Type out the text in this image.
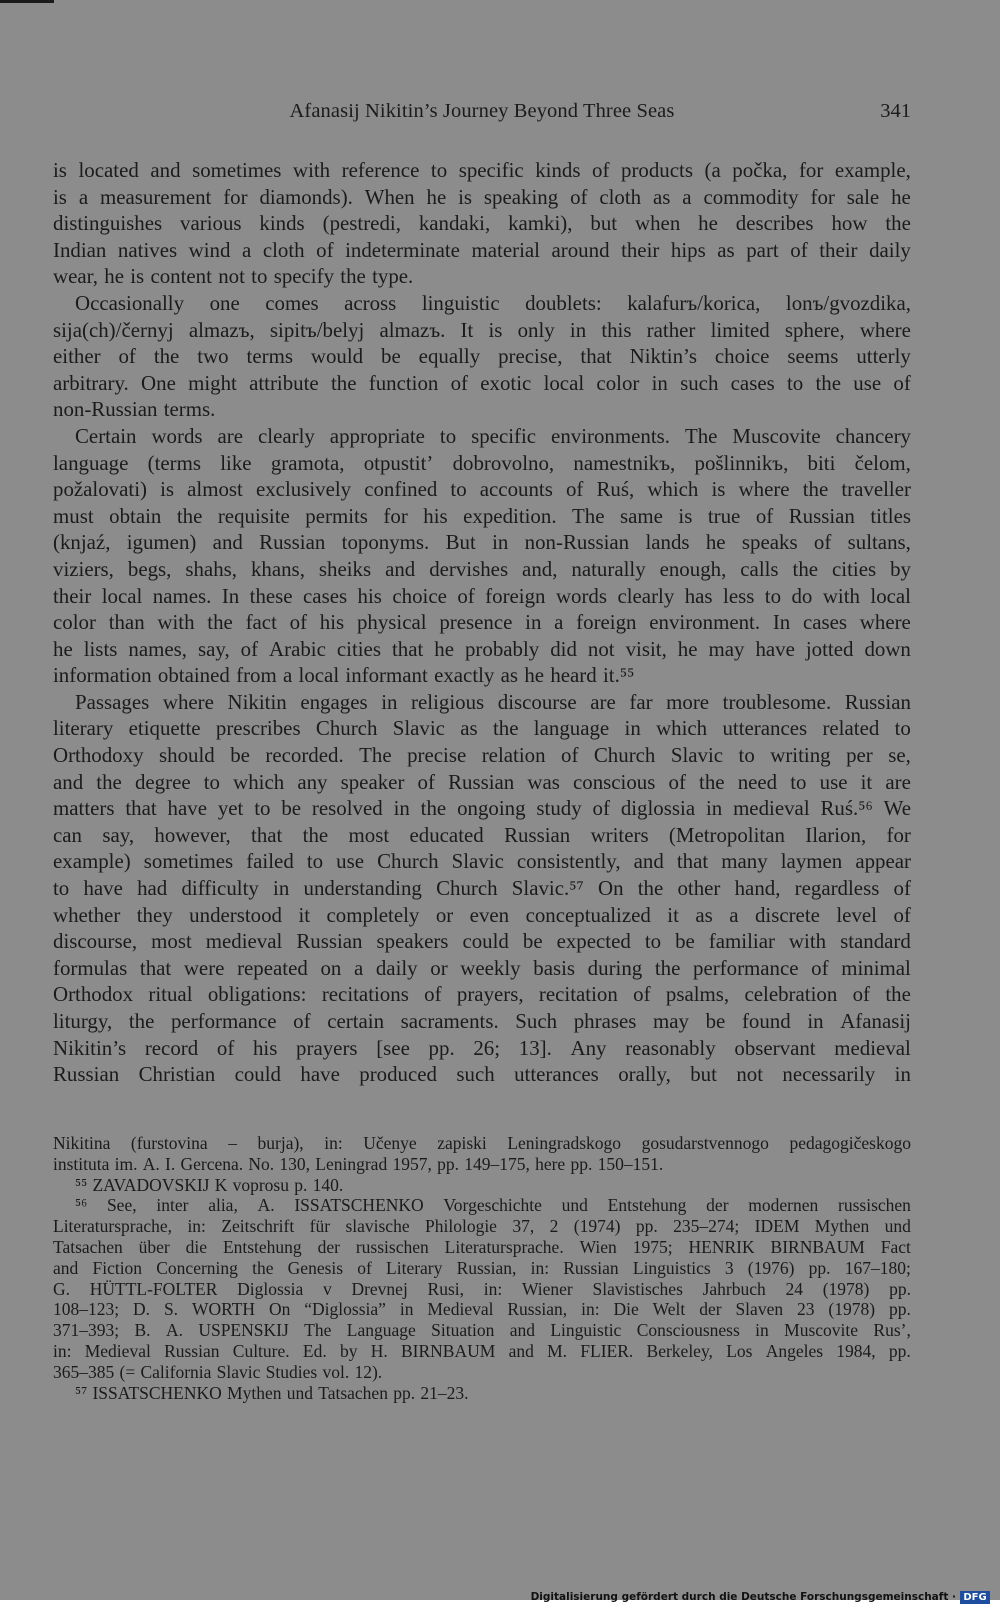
Afanasij Nikitin’s Journey Beyond Three Seas	341
is located and sometimes with reference to specific kinds of products (a počka, for example,
is a measurement for diamonds). When he is speaking of cloth as a commodity for sale he
distinguishes various kinds (pestredi, kandaki, kamki), but when he describes how the
Indian natives wind a cloth of indeterminate material around their hips as part of their daily
wear, he is content not to specify the type.
Occasionally one comes across linguistic doublets: kalafurъ/korica, lonъ/gvozdika,
sija(ch)/černyj almazъ, sipitъ/belyj almazъ. It is only in this rather limited sphere, where
either of the two terms would be equally precise, that Niktin’s choice seems utterly
arbitrary. One might attribute the function of exotic local color in such cases to the use of
non-Russian terms.
Certain words are clearly appropriate to specific environments. The Muscovite chancery
language (terms like gramota, otpustit’ dobrovolno, namestnikъ, pošlinnikъ, biti čelom,
požalovati) is almost exclusively confined to accounts of Ruś, which is where the traveller
must obtain the requisite permits for his expedition. The same is true of Russian titles
(knjaź, igumen) and Russian toponyms. But in non-Russian lands he speaks of sultans,
viziers, begs, shahs, khans, sheiks and dervishes and, naturally enough, calls the cities by
their local names. In these cases his choice of foreign words clearly has less to do with local
color than with the fact of his physical presence in a foreign environment. In cases where
he lists names, say, of Arabic cities that he probably did not visit, he may have jotted down
information obtained from a local informant exactly as he heard it.⁵⁵
Passages where Nikitin engages in religious discourse are far more troublesome. Russian
literary etiquette prescribes Church Slavic as the language in which utterances related to
Orthodoxy should be recorded. The precise relation of Church Slavic to writing per se,
and the degree to which any speaker of Russian was conscious of the need to use it are
matters that have yet to be resolved in the ongoing study of diglossia in medieval Ruś.⁵⁶ We
can say, however, that the most educated Russian writers (Metropolitan Ilarion, for
example) sometimes failed to use Church Slavic consistently, and that many laymen appear
to have had difficulty in understanding Church Slavic.⁵⁷ On the other hand, regardless of
whether they understood it completely or even conceptualized it as a discrete level of
discourse, most medieval Russian speakers could be expected to be familiar with standard
formulas that were repeated on a daily or weekly basis during the performance of minimal
Orthodox ritual obligations: recitations of prayers, recitation of psalms, celebration of the
liturgy, the performance of certain sacraments. Such phrases may be found in Afanasij
Nikitin’s record of his prayers [see pp. 26; 13]. Any reasonably observant medieval
Russian Christian could have produced such utterances orally, but not necessarily in
Nikitina (furstovina – burja), in: Učenye zapiski Leningradskogo gosudarstvennogo pedagogičeskogo
instituta im. A. I. Gercena. No. 130, Leningrad 1957, pp. 149–175, here pp. 150–151.
⁵⁵ ZAVADOVSKIJ K voprosu p. 140.
⁵⁶ See, inter alia, A. ISSATSCHENKO Vorgeschichte und Entstehung der modernen russischen
Literatursprache, in: Zeitschrift für slavische Philologie 37, 2 (1974) pp. 235–274; IDEM Mythen und
Tatsachen über die Entstehung der russischen Literatursprache. Wien 1975; HENRIK BIRNBAUM Fact
and Fiction Concerning the Genesis of Literary Russian, in: Russian Linguistics 3 (1976) pp. 167–180;
G. HÜTTL-FOLTER Diglossia v Drevnej Rusi, in: Wiener Slavistisches Jahrbuch 24 (1978) pp.
108–123; D. S. WORTH On “Diglossia” in Medieval Russian, in: Die Welt der Slaven 23 (1978) pp.
371–393; B. A. USPENSKIJ The Language Situation and Linguistic Consciousness in Muscovite Rus’,
in: Medieval Russian Culture. Ed. by H. BIRNBAUM and M. FLIER. Berkeley, Los Angeles 1984, pp.
365–385 (= California Slavic Studies vol. 12).
⁵⁷ ISSATSCHENKO Mythen und Tatsachen pp. 21–23.
Digitalisierung gefördert durch die Deutsche Forschungsgemeinschaft · DFG
